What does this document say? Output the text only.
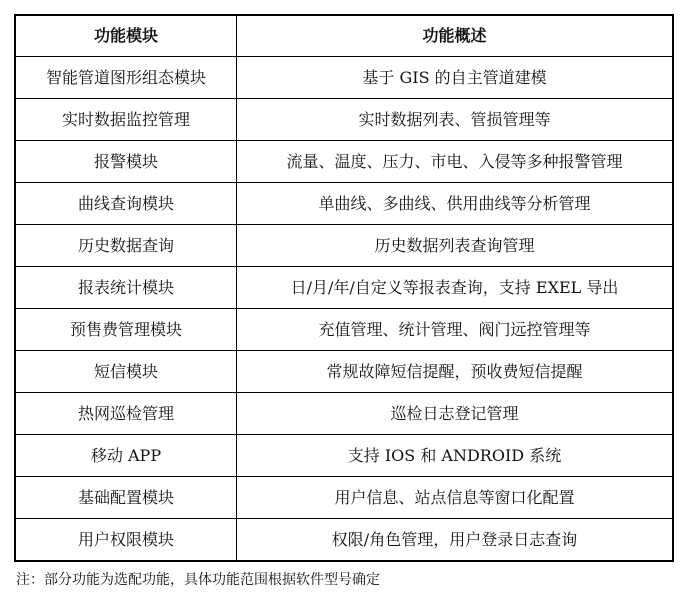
功能模块	功能概述
智能管道图形组态模块	基于 GIS 的自主管道建模
实时数据监控管理	实时数据列表、管损管理等
报警模块	流量、温度、压力、市电、入侵等多种报警管理
曲线查询模块	单曲线、多曲线、供用曲线等分析管理
历史数据查询	历史数据列表查询管理
报表统计模块	日/月/年/自定义等报表查询，支持 EXEL 导出
预售费管理模块	充值管理、统计管理、阀门远控管理等
短信模块	常规故障短信提醒，预收费短信提醒
热网巡检管理	巡检日志登记管理
移动 APP	支持 IOS 和 ANDROID 系统
基础配置模块	用户信息、站点信息等窗口化配置
用户权限模块	权限/角色管理，用户登录日志查询
注：部分功能为选配功能，具体功能范围根据软件型号确定
